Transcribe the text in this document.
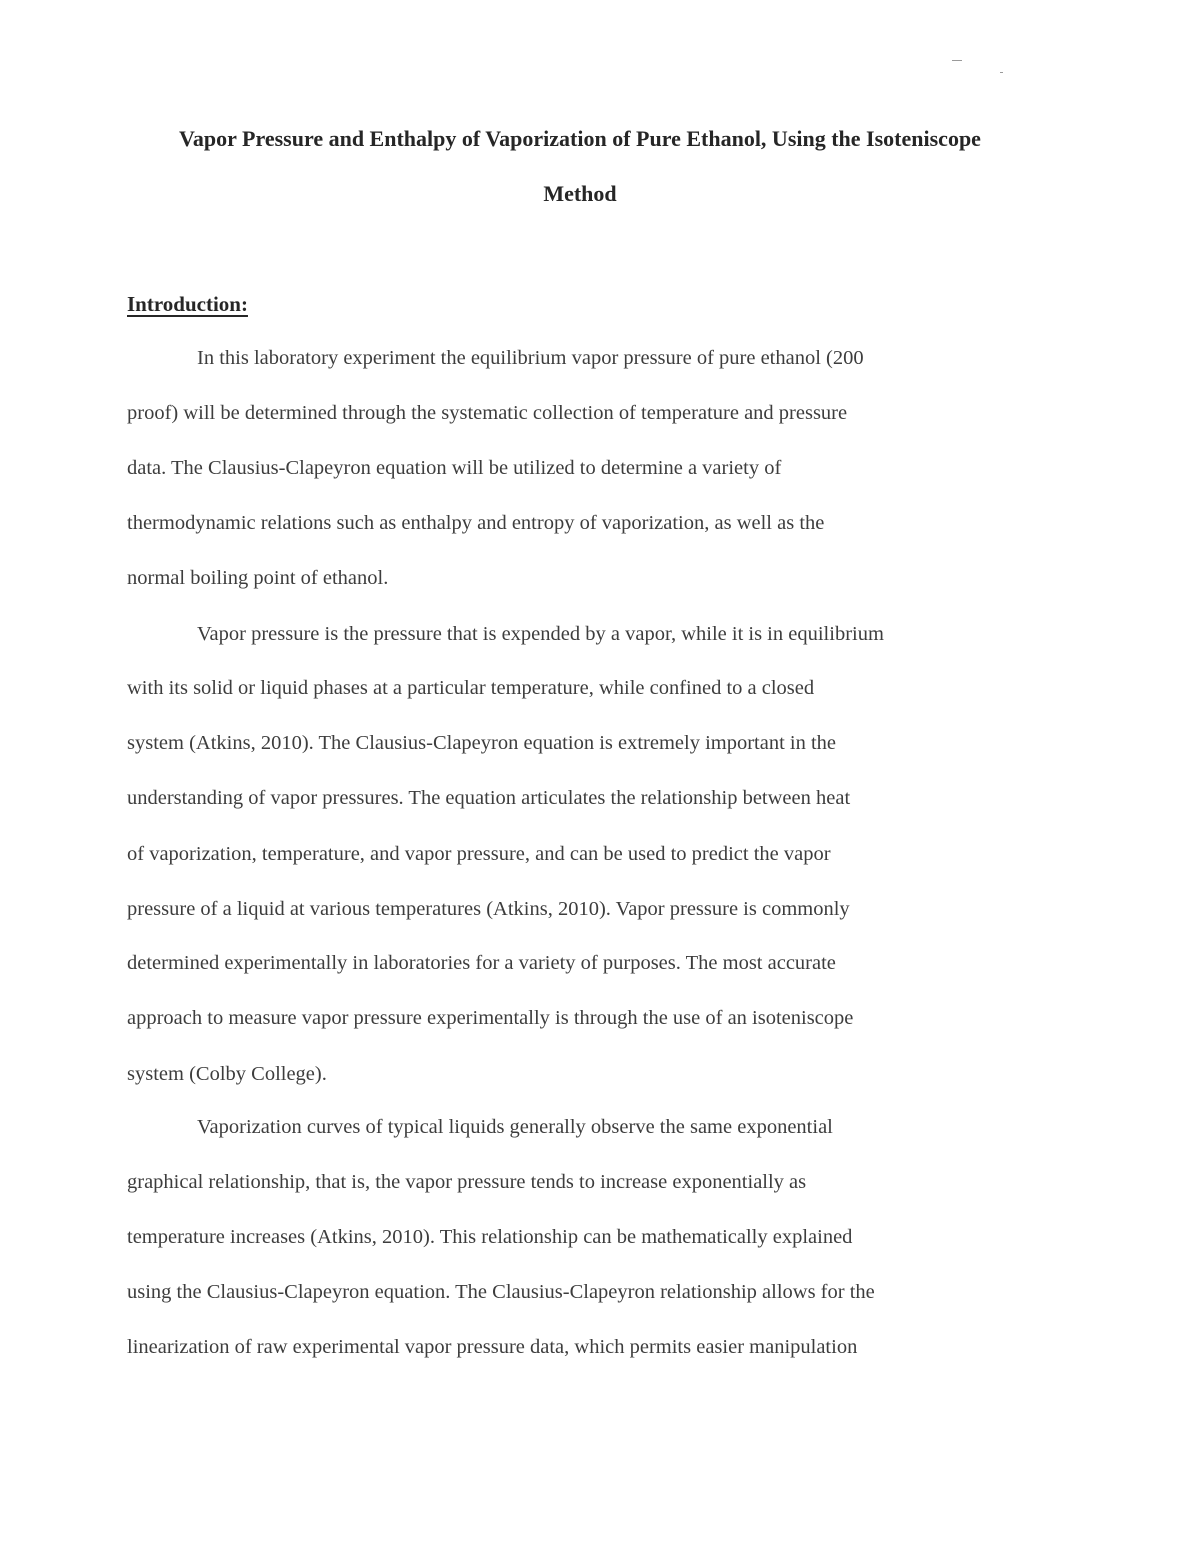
Vapor Pressure and Enthalpy of Vaporization of Pure Ethanol, Using the Isoteniscope
Method
Introduction:
In this laboratory experiment the equilibrium vapor pressure of pure ethanol (200
proof) will be determined through the systematic collection of temperature and pressure
data. The Clausius-Clapeyron equation will be utilized to determine a variety of
thermodynamic relations such as enthalpy and entropy of vaporization, as well as the
normal boiling point of ethanol.
Vapor pressure is the pressure that is expended by a vapor, while it is in equilibrium
with its solid or liquid phases at a particular temperature, while confined to a closed
system (Atkins, 2010). The Clausius-Clapeyron equation is extremely important in the
understanding of vapor pressures. The equation articulates the relationship between heat
of vaporization, temperature, and vapor pressure, and can be used to predict the vapor
pressure of a liquid at various temperatures (Atkins, 2010). Vapor pressure is commonly
determined experimentally in laboratories for a variety of purposes. The most accurate
approach to measure vapor pressure experimentally is through the use of an isoteniscope
system (Colby College).
Vaporization curves of typical liquids generally observe the same exponential
graphical relationship, that is, the vapor pressure tends to increase exponentially as
temperature increases (Atkins, 2010). This relationship can be mathematically explained
using the Clausius-Clapeyron equation. The Clausius-Clapeyron relationship allows for the
linearization of raw experimental vapor pressure data, which permits easier manipulation
